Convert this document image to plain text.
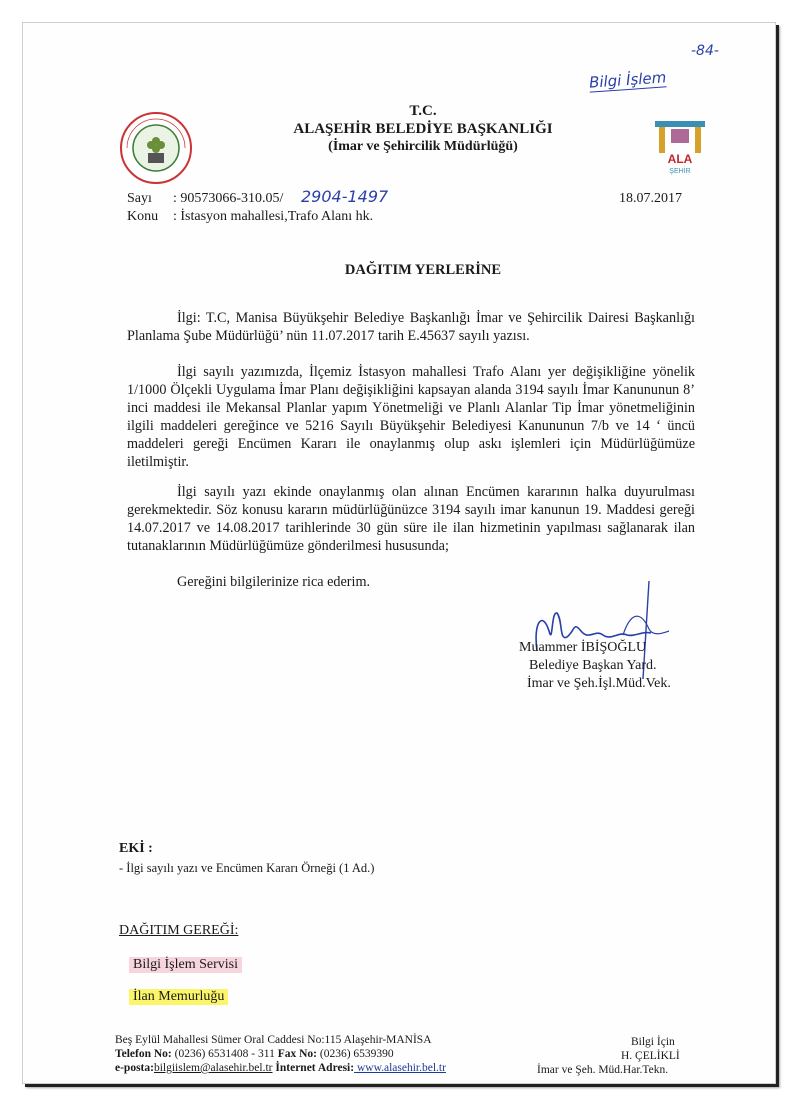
Bilgi İşlem
-84-
ALA
ŞEHİR
T.C.
ALAŞEHİR BELEDİYE BAŞKANLIĞI
(İmar ve Şehircilik Müdürlüğü)
Sayı : 90573066-310.05/ 2904-1497	18.07.2017
Konu : İstasyon mahallesi,Trafo Alanı hk.
DAĞITIM YERLERİNE
İlgi: T.C, Manisa Büyükşehir Belediye Başkanlığı İmar ve Şehircilik Dairesi Başkanlığı Planlama Şube Müdürlüğü’ nün 11.07.2017 tarih E.45637 sayılı yazısı.
İlgi sayılı yazımızda, İlçemiz İstasyon mahallesi Trafo Alanı yer değişikliğine yönelik 1/1000 Ölçekli Uygulama İmar Planı değişikliğini kapsayan alanda 3194 sayılı İmar Kanununun 8’ inci maddesi ile Mekansal Planlar yapım Yönetmeliği ve Planlı Alanlar Tip İmar yönetmeliğinin ilgili maddeleri gereğince ve 5216 Sayılı Büyükşehir Belediyesi Kanununun 7/b ve 14 ‘ üncü maddeleri gereği Encümen Kararı ile onaylanmış olup askı işlemleri için Müdürlüğümüze iletilmiştir.
İlgi sayılı yazı ekinde onaylanmış olan alınan Encümen kararının halka duyurulması gerekmektedir. Söz konusu kararın müdürlüğünüzce 3194 sayılı imar kanunun 19. Maddesi gereği 14.07.2017 ve 14.08.2017 tarihlerinde 30 gün süre ile ilan hizmetinin yapılması sağlanarak ilan tutanaklarının Müdürlüğümüze gönderilmesi hususunda;
Gereğini bilgilerinize rica ederim.
Muammer İBİŞOĞLU
Belediye Başkan Yard.
İmar ve Şeh.İşl.Müd.Vek.
EKİ :
- İlgi sayılı yazı ve Encümen Kararı Örneği (1 Ad.)
DAĞITIM GEREĞİ:
Bilgi İşlem Servisi
İlan Memurluğu
Beş Eylül Mahallesi Sümer Oral Caddesi No:115 Alaşehir-MANİSA
Telefon No: (0236) 6531408 - 311 Fax No: (0236) 6539390
e-posta:bilgiislem@alasehir.bel.tr İnternet Adresi: www.alasehir.bel.tr
Bilgi İçin
H. ÇELİKLİ
İmar ve Şeh. Müd.Har.Tekn.
